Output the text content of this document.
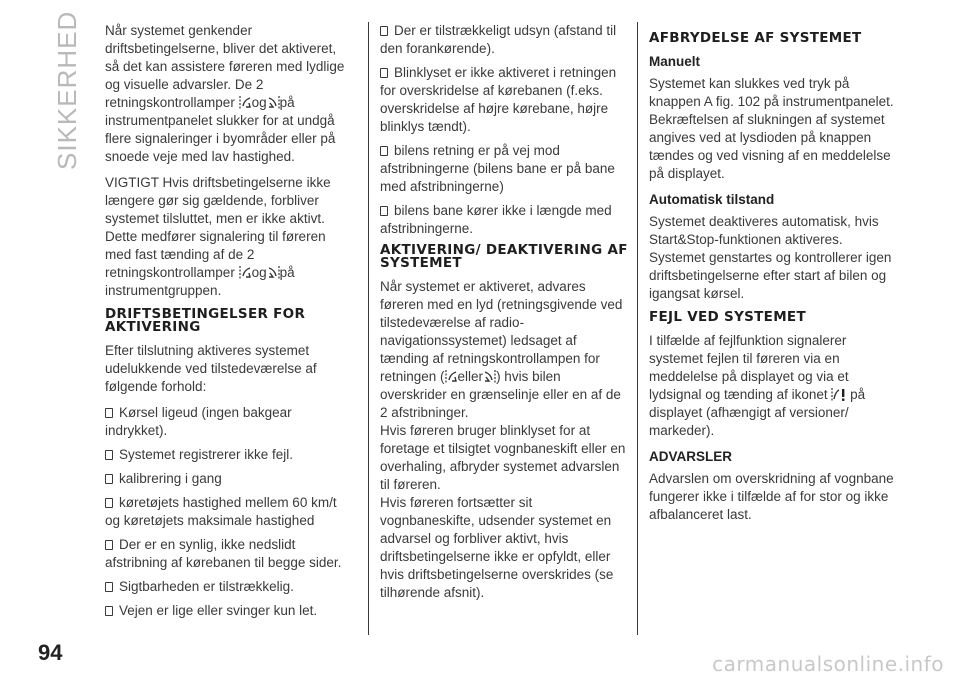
SIKKERHED
94	carmanualsonline.info

Når systemet genkender driftsbetingelserne, bliver det aktiveret, så det kan assistere føreren med lydlige og visuelle advarsler. De 2 retningskontrollamper og på instrumentpanelet slukker for at undgå flere signaleringer i byområder eller på snoede veje med lav hastighed.

VIGTIGT Hvis driftsbetingelserne ikke længere gør sig gældende, forbliver systemet tilsluttet, men er ikke aktivt. Dette medfører signalering til føreren med fast tænding af de 2 retningskontrollamper og på instrumentgruppen.

DRIFTSBETINGELSER FOR AKTIVERING

Efter tilslutning aktiveres systemet udelukkende ved tilstedeværelse af følgende forhold:

Kørsel ligeud (ingen bakgear indrykket).
Systemet registrerer ikke fejl.
kalibrering i gang
køretøjets hastighed mellem 60 km/t og køretøjets maksimale hastighed
Der er en synlig, ikke nedslidt afstribning af kørebanen til begge sider.
Sigtbarheden er tilstrækkelig.
Vejen er lige eller svinger kun let.
Der er tilstrækkeligt udsyn (afstand til den forankørende).
Blinklyset er ikke aktiveret i retningen for overskridelse af kørebanen (f.eks. overskridelse af højre kørebane, højre blinklys tændt).
bilens retning er på vej mod afstribningerne (bilens bane er på bane med afstribningerne)
bilens bane kører ikke i længde med afstribningerne.
AKTIVERING/ DEAKTIVERING AF SYSTEMET

Når systemet er aktiveret, advares føreren med en lyd (retningsgivende ved tilstedeværelse af radio-navigationssystemet) ledsaget af tænding af retningskontrollampen for retningen ( eller ) hvis bilen overskrider en grænselinje eller en af de 2 afstribninger.

Hvis føreren bruger blinklyset for at foretage et tilsigtet vognbaneskift eller en overhaling, afbryder systemet advarslen til føreren.

Hvis føreren fortsætter sit vognbaneskifte, udsender systemet en advarsel og forbliver aktivt, hvis driftsbetingelserne ikke er opfyldt, eller hvis driftsbetingelserne overskrides (se tilhørende afsnit).

AFBRYDELSE AF SYSTEMET
Manuelt

Systemet kan slukkes ved tryk på knappen A fig. 102 på instrumentpanelet.

Bekræftelsen af slukningen af systemet angives ved at lysdioden på knappen tændes og ved visning af en meddelelse på displayet.

Automatisk tilstand

Systemet deaktiveres automatisk, hvis Start&Stop-funktionen aktiveres. Systemet genstartes og kontrollerer igen driftsbetingelserne efter start af bilen og igangsat kørsel.

FEJL VED SYSTEMET

I tilfælde af fejlfunktion signalerer systemet fejlen til føreren via en meddelelse på displayet og via et lydsignal og tænding af ikonet på displayet (afhængigt af versioner/ markeder).

ADVARSLER

Advarslen om overskridning af vognbane fungerer ikke i tilfælde af for stor og ikke afbalanceret last.
